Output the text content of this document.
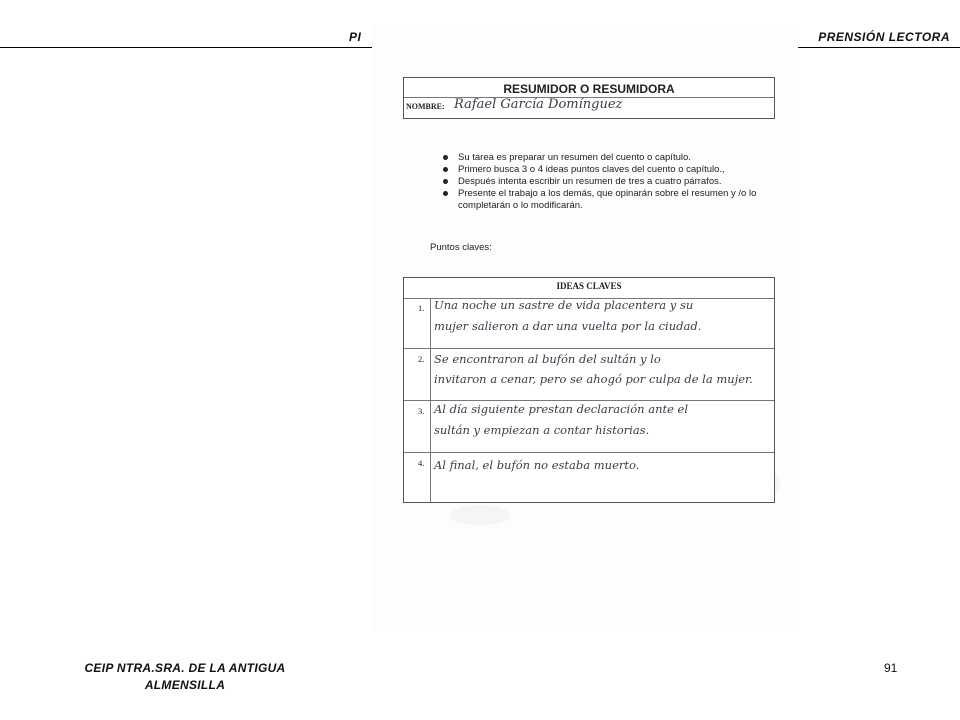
PI	PRENSIÓN LECTORA
RESUMIDOR O RESUMIDORA
NOMBRE: Rafael García Domínguez
Su tarea es preparar un resumen del cuento o capítulo.
Primero busca 3 o 4 ideas puntos claves del cuento o capítulo.,
Después intenta escribir un resumen de tres a cuatro párrafos.
Presente el trabajo a los demás, que opinarán sobre el resumen y /o lo completarán o lo modificarán.
Puntos claves:
IDEAS CLAVES
1. Una noche un sastre de vida placentera y su
mujer salieron a dar una vuelta por la ciudad.
2. Se encontraron al bufón del sultán y lo
invitaron a cenar, pero se ahogó por culpa de la mujer.
3. Al día siguiente prestan declaración ante el
sultán y empiezan a contar historias.
4. Al final, el bufón no estaba muerto.
CEIP NTRA.SRA. DE LA ANTIGUA
ALMENSILLA
91
